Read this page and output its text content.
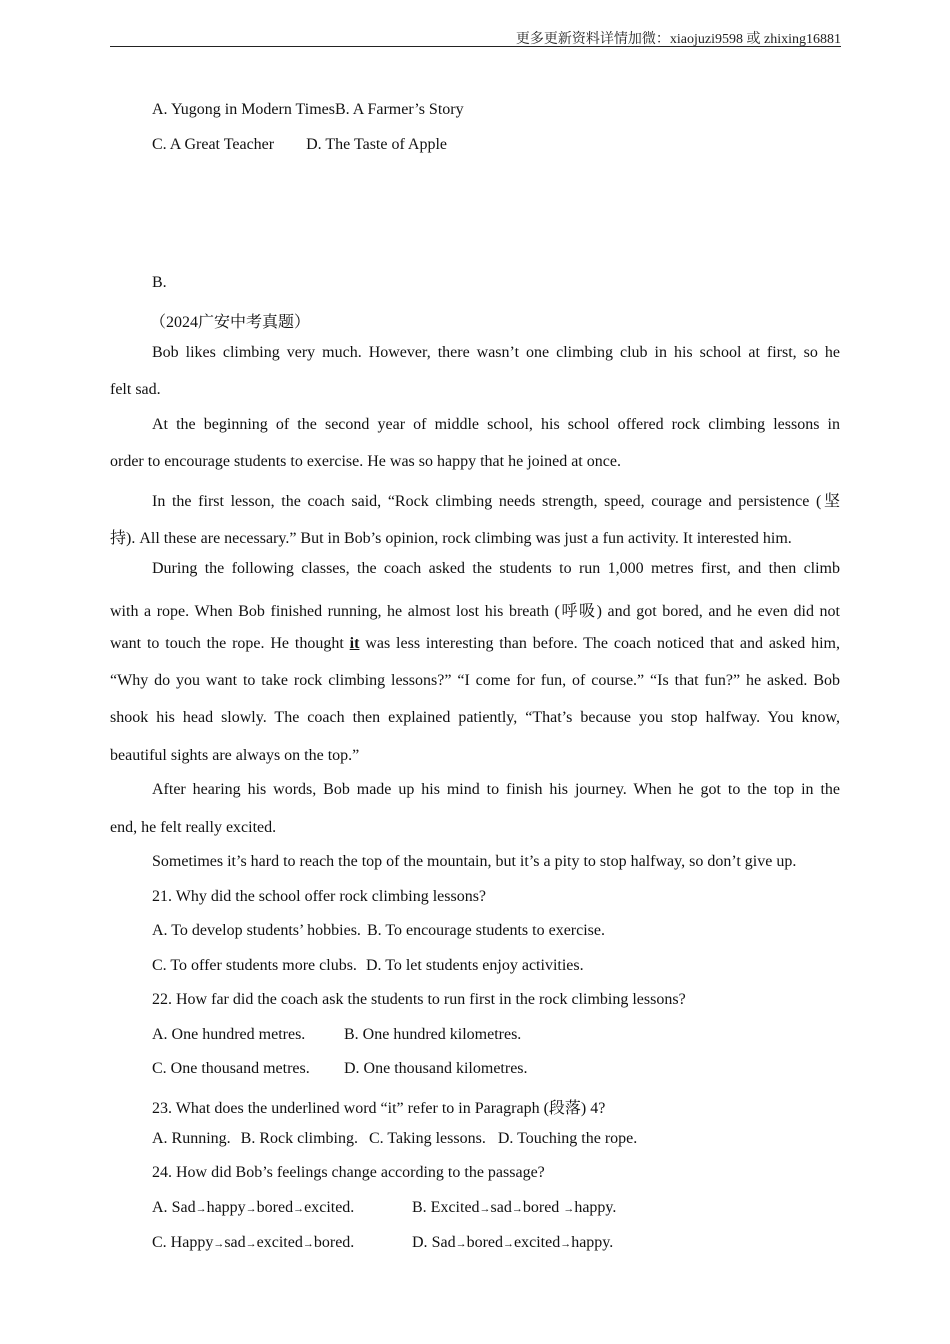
更多更新资料详情加微：xiaojuzi9598 或 zhixing16881
A. Yugong in Modern TimesB. A Farmer’s Story
C. A Great Teacher D. The Taste of Apple
B.
（2024广安中考真题）
Bob likes climbing very much. However, there wasn’t one climbing club in his school at first, so he
felt sad.
At the beginning of the second year of middle school, his school offered rock climbing lessons in
order to encourage students to exercise. He was so happy that he joined at once.
In the first lesson, the coach said, “Rock climbing needs strength, speed, courage and persistence (坚
持). All these are necessary.” But in Bob’s opinion, rock climbing was just a fun activity. It interested him.
During the following classes, the coach asked the students to run 1,000 metres first, and then climb
with a rope. When Bob finished running, he almost lost his breath (呼吸) and got bored, and he even did not
want to touch the rope. He thought it was less interesting than before. The coach noticed that and asked him,
“Why do you want to take rock climbing lessons?” “I come for fun, of course.” “Is that fun?” he asked. Bob
shook his head slowly. The coach then explained patiently, “That’s because you stop halfway. You know,
beautiful sights are always on the top.”
After hearing his words, Bob made up his mind to finish his journey. When he got to the top in the
end, he felt really excited.
Sometimes it’s hard to reach the top of the mountain, but it’s a pity to stop halfway, so don’t give up.
21. Why did the school offer rock climbing lessons?
A. To develop students’ hobbies. B. To encourage students to exercise.
C. To offer students more clubs. D. To let students enjoy activities.
22. How far did the coach ask the students to run first in the rock climbing lessons?
A. One hundred metres. B. One hundred kilometres.
C. One thousand metres. D. One thousand kilometres.
23. What does the underlined word “it” refer to in Paragraph (段落) 4?
A. Running. B. Rock climbing. C. Taking lessons. D. Touching the rope.
24. How did Bob’s feelings change according to the passage?
A. Sad→happy→bored→excited.	B. Excited→sad→bored →happy.
C. Happy→sad→excited→bored.	D. Sad→bored→excited→happy.
